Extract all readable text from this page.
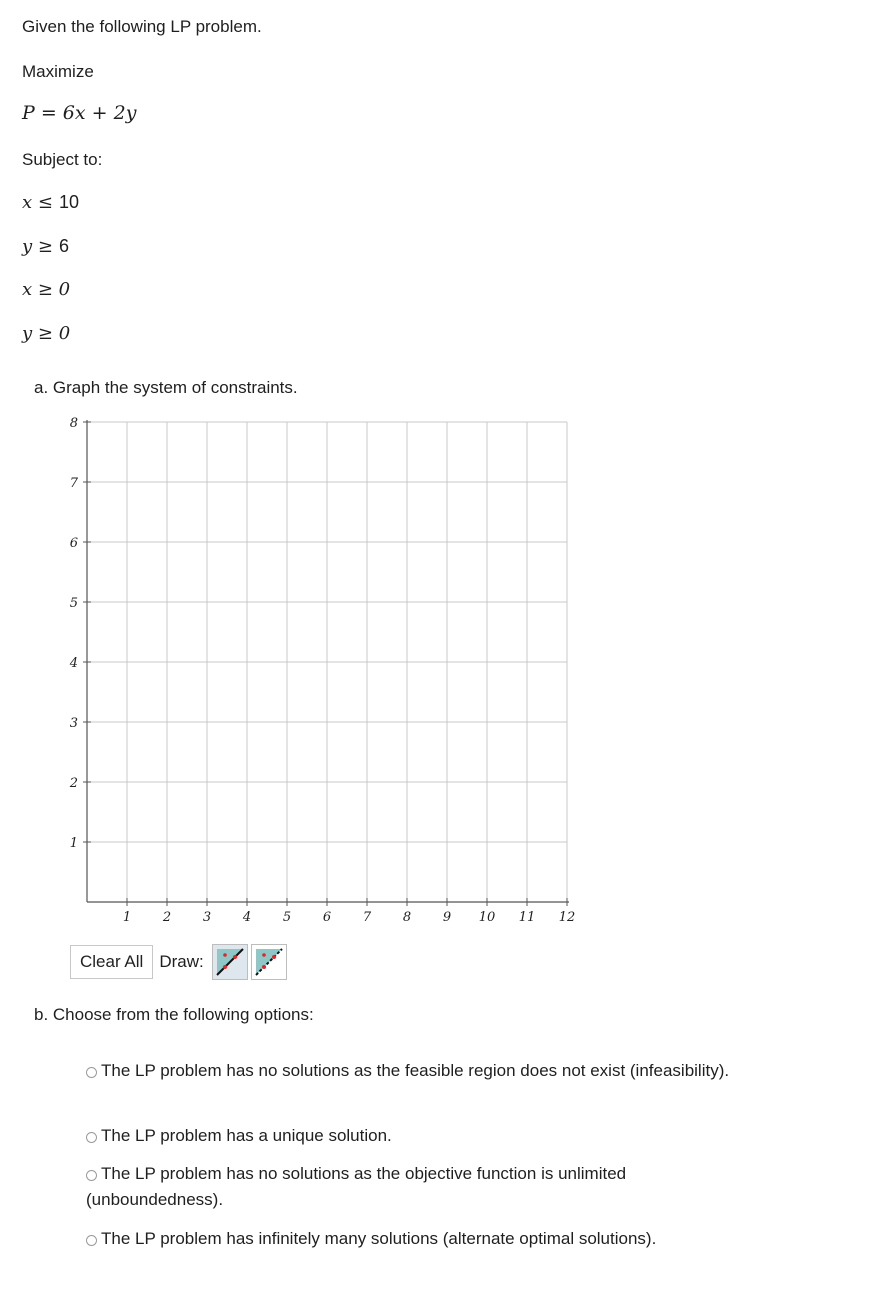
Given the following LP problem.
Maximize
P = 6x + 2y
Subject to:
x ≤ 10
y ≥ 6
x ≥ 0
y ≥ 0
a. Graph the system of constraints.
1 2 3 4 5 6 7 8 9 10 11 12
1
2
3
4
5
6
7
8
Clear All Draw:
b. Choose from the following options:
The LP problem has no solutions as the feasible region does not exist (infeasibility).
The LP problem has a unique solution.
The LP problem has no solutions as the objective function is unlimited (unboundedness).
The LP problem has infinitely many solutions (alternate optimal solutions).
